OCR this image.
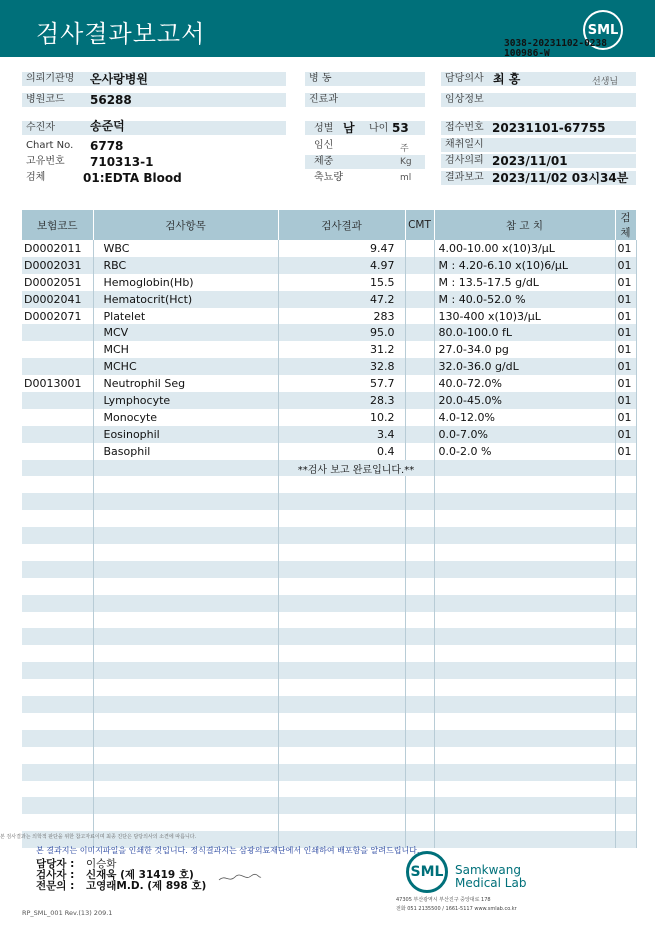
검사결과보고서	SML
3038-20231102-0238
100986-W
의뢰기관명	온사랑병원
병원코드	56288
병 동
진료과
담당의사 최 홍	선생님
임상정보
수진자	송준덕
Chart No.	6778
고유번호	710313-1
검체	01:EDTA Blood
성별 남	나이 53
임신	주
체중	Kg
축뇨량	ml
접수번호 20231101-67755
채취일시
검사의뢰 2023/11/01
결과보고 2023/11/02 03시34분
보험코드	검사항목	검사결과	CMT	참 고 치	검체
D0002011	WBC	9.47		4.00-10.00 x(10)3/μL	01
D0002031	RBC	4.97		M : 4.20-6.10 x(10)6/μL	01
D0002051	Hemoglobin(Hb)	15.5		M : 13.5-17.5 g/dL	01
D0002041	Hematocrit(Hct)	47.2		M : 40.0-52.0 %	01
D0002071	Platelet	283		130-400 x(10)3/μL	01
	MCV	95.0		80.0-100.0 fL	01
	MCH	31.2		27.0-34.0 pg	01
	MCHC	32.8		32.0-36.0 g/dL	01
D0013001	Neutrophil Seg	57.7		40.0-72.0%	01
	Lymphocyte	28.3		20.0-45.0%	01
	Monocyte	10.2		4.0-12.0%	01
	Eosinophil	3.4		0.0-7.0%	01
	Basophil	0.4		0.0-2.0 %	01
		**검사 보고 완료입니다.**			

본 검사결과는 의학적 판단을 위한 참고자료이며 최종 진단은 담당의사의 소견에 따릅니다.
본 결과지는 이미지파일을 인쇄한 것입니다. 정식결과지는 삼광의료재단에서 인쇄하여 배포함을 알려드립니다.
담당자 : 이승화
검사자 : 신재욱 (제 31419 호)
전문의 : 고영래M.D. (제 898 호)
SML Samkwang
Medical Lab
47305 부산광역시 부산진구 중앙대로 178
전화 051 2135500 / 1661-5117 www.smlab.co.kr
RP_SML_001 Rev.(13) 209.1
